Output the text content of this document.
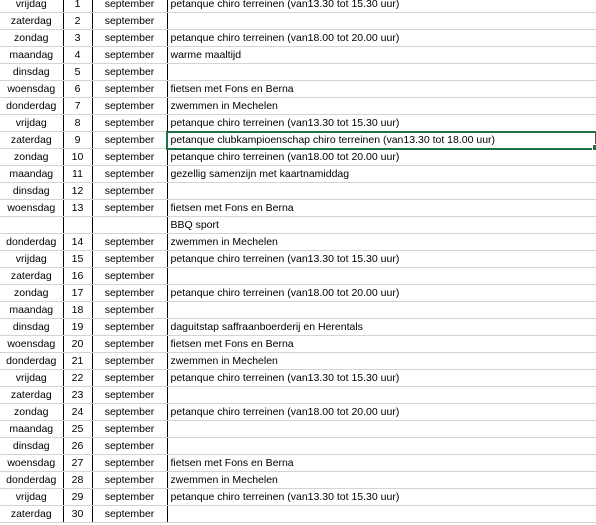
vrijdag	1	september	petanque chiro terreinen (van13.30 tot 15.30 uur)
zaterdag	2	september	
zondag	3	september	petanque chiro terreinen (van18.00 tot 20.00 uur)
maandag	4	september	warme maaltijd
dinsdag	5	september	
woensdag	6	september	fietsen met Fons en Berna
donderdag	7	september	zwemmen in Mechelen
vrijdag	8	september	petanque chiro terreinen (van13.30 tot 15.30 uur)
zaterdag	9	september	petanque clubkampioenschap chiro terreinen (van13.30 tot 18.00 uur)

zondag	10	september	petanque chiro terreinen (van18.00 tot 20.00 uur)
maandag	11	september	gezellig samenzijn met kaartnamiddag
dinsdag	12	september	
woensdag	13	september	fietsen met Fons en Berna
			BBQ sport
donderdag	14	september	zwemmen in Mechelen
vrijdag	15	september	petanque chiro terreinen (van13.30 tot 15.30 uur)
zaterdag	16	september	
zondag	17	september	petanque chiro terreinen (van18.00 tot 20.00 uur)
maandag	18	september	
dinsdag	19	september	daguitstap saffraanboerderij en Herentals
woensdag	20	september	fietsen met Fons en Berna
donderdag	21	september	zwemmen in Mechelen
vrijdag	22	september	petanque chiro terreinen (van13.30 tot 15.30 uur)
zaterdag	23	september	
zondag	24	september	petanque chiro terreinen (van18.00 tot 20.00 uur)
maandag	25	september	
dinsdag	26	september	
woensdag	27	september	fietsen met Fons en Berna
donderdag	28	september	zwemmen in Mechelen
vrijdag	29	september	petanque chiro terreinen (van13.30 tot 15.30 uur)
zaterdag	30	september	
